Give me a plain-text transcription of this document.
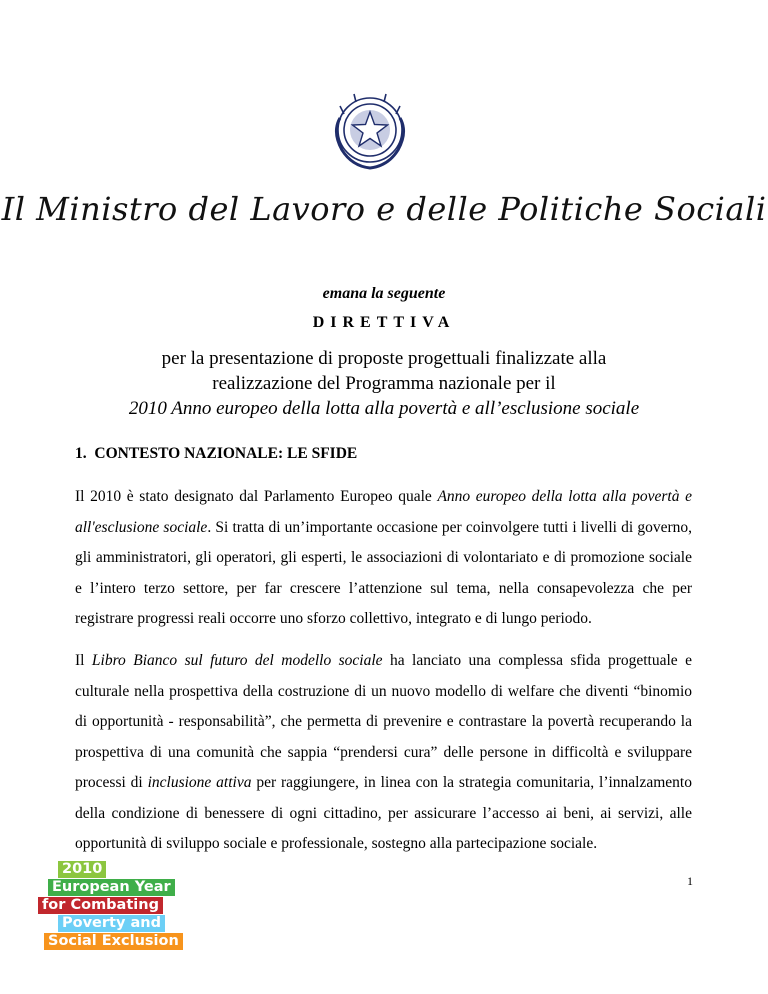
Il Ministro del Lavoro e delle Politiche Sociali
emana la seguente
DIRETTIVA
per la presentazione di proposte progettuali finalizzate alla
realizzazione del Programma nazionale per il
2010 Anno europeo della lotta alla povertà e all’esclusione sociale
1.  CONTESTO NAZIONALE: LE SFIDE
Il 2010 è stato designato dal Parlamento Europeo quale Anno europeo della lotta alla povertà e all'esclusione sociale. Si tratta di un’importante occasione per coinvolgere tutti i livelli di governo, gli amministratori, gli operatori, gli esperti, le associazioni di volontariato e di promozione sociale e l’intero terzo settore, per far crescere l’attenzione sul tema, nella consapevolezza che per registrare progressi reali occorre uno sforzo collettivo, integrato e di lungo periodo.
Il Libro Bianco sul futuro del modello sociale ha lanciato una complessa sfida progettuale e culturale nella prospettiva della costruzione di un nuovo modello di welfare che diventi “binomio di opportunità - responsabilità”, che permetta di prevenire e contrastare la povertà recuperando la prospettiva di una comunità che sappia “prendersi cura” delle persone in difficoltà e sviluppare processi di inclusione attiva per raggiungere, in linea con la strategia comunitaria, l’innalzamento della condizione di benessere di ogni cittadino, per assicurare l’accesso ai beni, ai servizi, alle opportunità di sviluppo sociale e professionale, sostegno alla partecipazione sociale.
1
2010
European Year
for Combating
Poverty and
Social Exclusion
